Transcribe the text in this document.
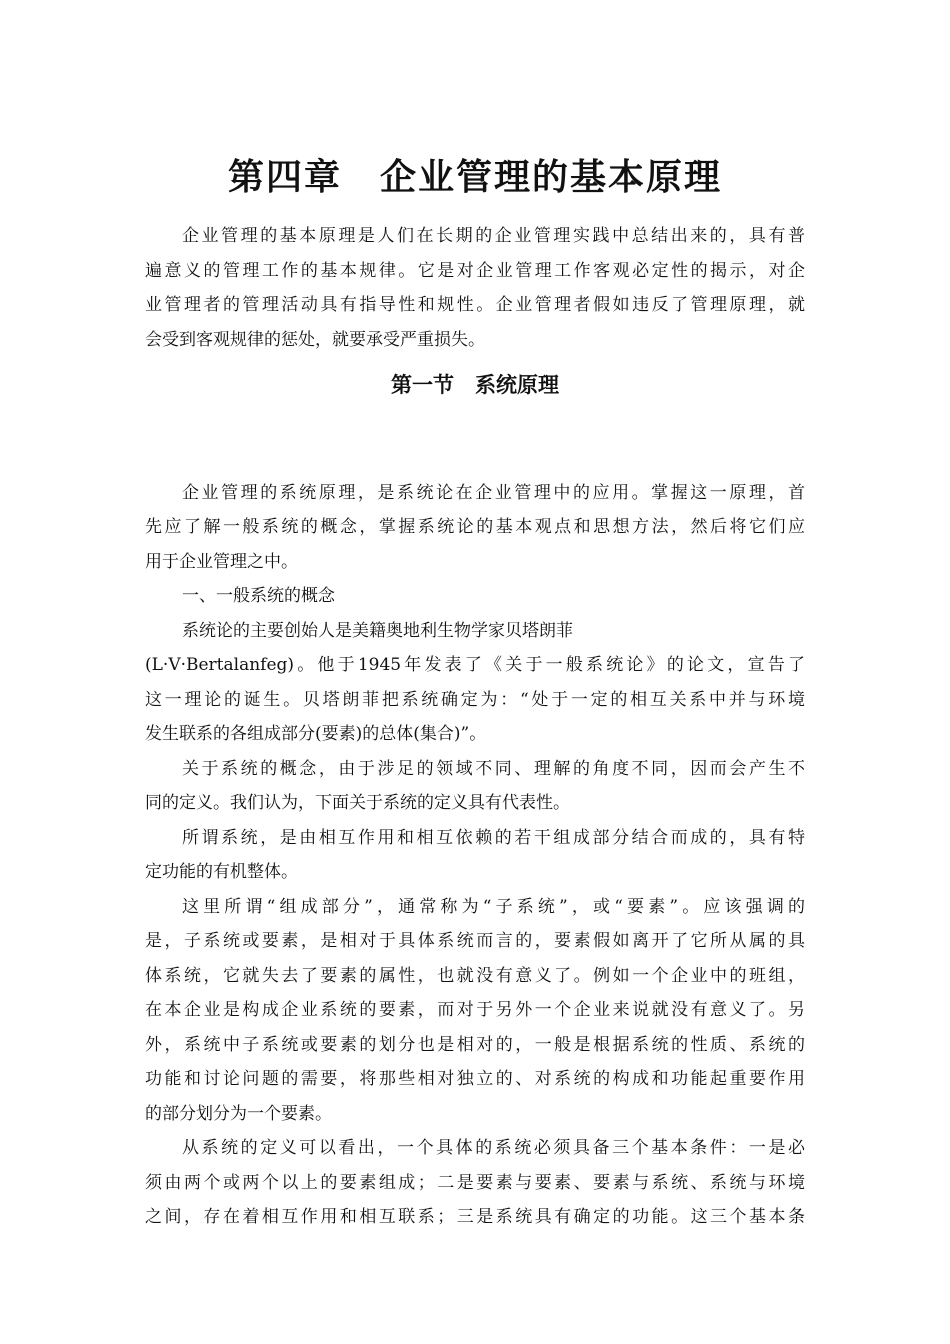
第四章　企业管理的基本原理
企业管理的基本原理是人们在长期的企业管理实践中总结出来的，具有普
遍意义的管理工作的基本规律。它是对企业管理工作客观必定性的揭示，对企
业管理者的管理活动具有指导性和规性。企业管理者假如违反了管理原理，就
会受到客观规律的惩处，就要承受严重损失。
第一节　系统原理
企业管理的系统原理，是系统论在企业管理中的应用。掌握这一原理，首
先应了解一般系统的概念，掌握系统论的基本观点和思想方法，然后将它们应
用于企业管理之中。
一、一般系统的概念
系统论的主要创始人是美籍奥地利生物学家贝塔朗菲
(L·V·Bertalanfeg)。他于1945年发表了《关于一般系统论》的论文，宣告了
这一理论的诞生。贝塔朗菲把系统确定为：“处于一定的相互关系中并与环境
发生联系的各组成部分(要素)的总体(集合)”。
关于系统的概念，由于涉足的领域不同、理解的角度不同，因而会产生不
同的定义。我们认为，下面关于系统的定义具有代表性。
所谓系统，是由相互作用和相互依赖的若干组成部分结合而成的，具有特
定功能的有机整体。
这里所谓“组成部分”，通常称为“子系统”，或“要素”。应该强调的
是，子系统或要素，是相对于具体系统而言的，要素假如离开了它所从属的具
体系统，它就失去了要素的属性，也就没有意义了。例如一个企业中的班组，
在本企业是构成企业系统的要素，而对于另外一个企业来说就没有意义了。另
外，系统中子系统或要素的划分也是相对的，一般是根据系统的性质、系统的
功能和讨论问题的需要，将那些相对独立的、对系统的构成和功能起重要作用
的部分划分为一个要素。
从系统的定义可以看出，一个具体的系统必须具备三个基本条件：一是必
须由两个或两个以上的要素组成；二是要素与要素、要素与系统、系统与环境
之间，存在着相互作用和相互联系；三是系统具有确定的功能。这三个基本条
